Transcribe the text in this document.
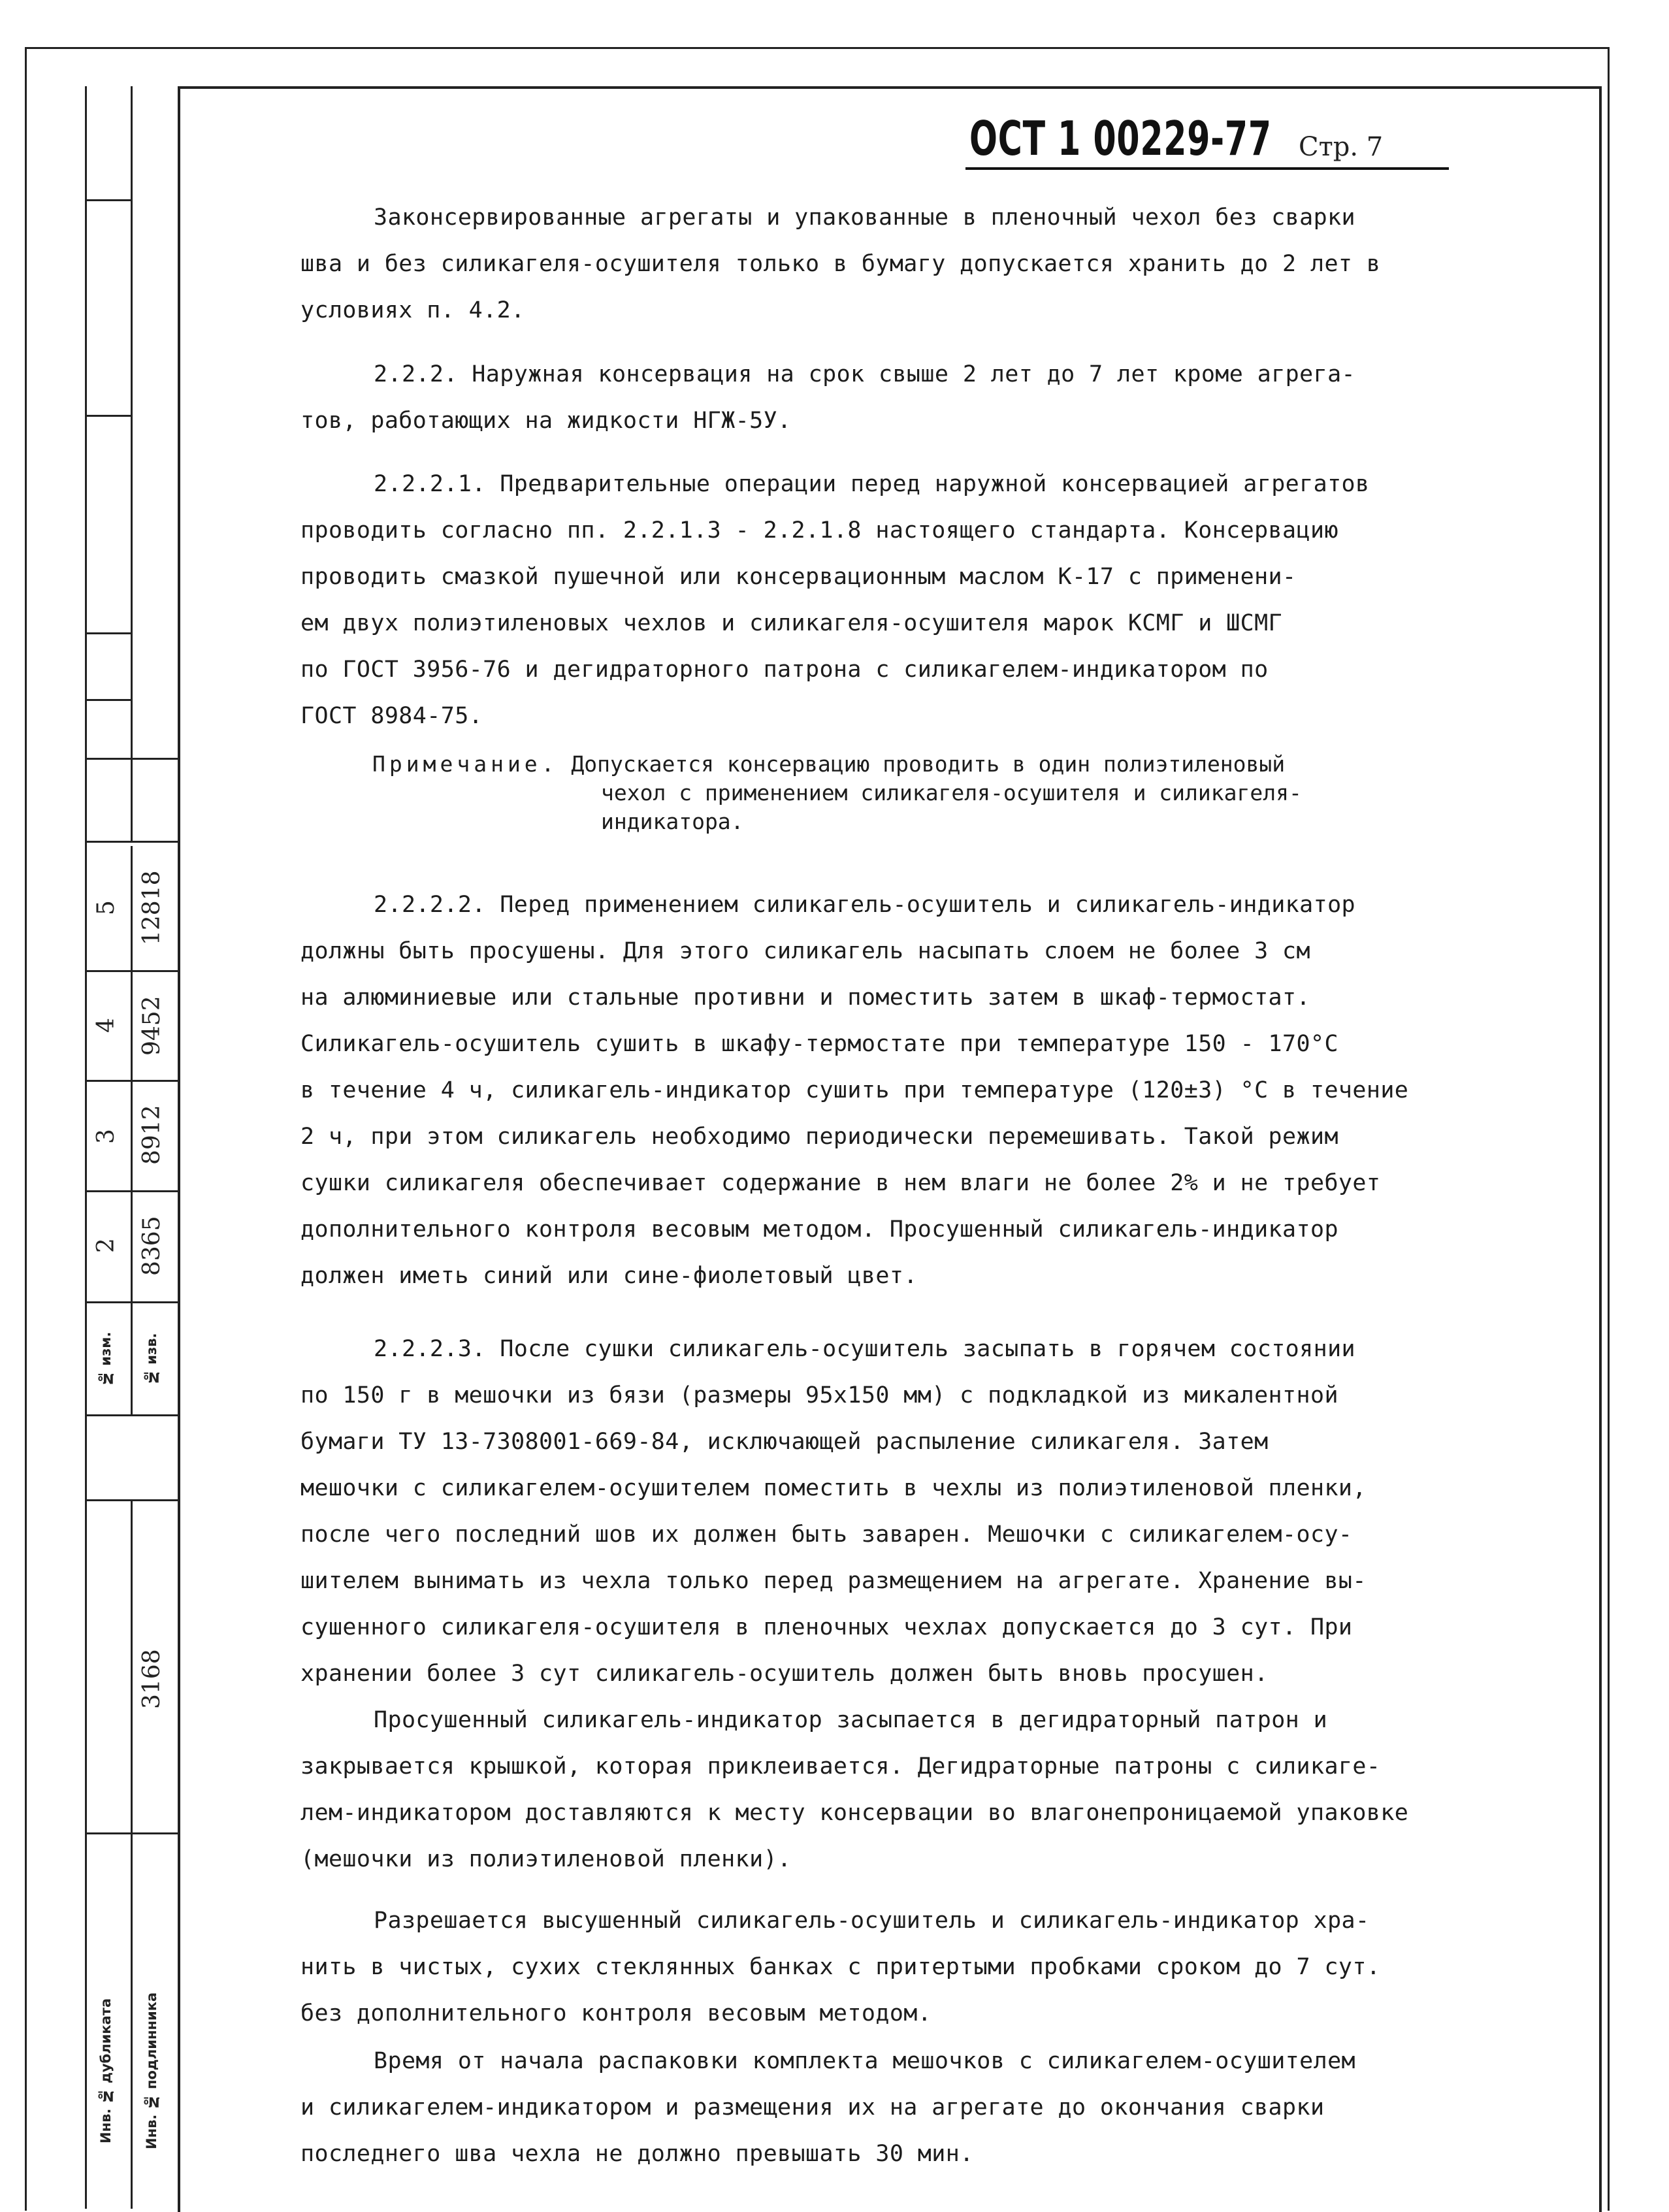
5 12818
4 9452
3 8912
2 8365
№ изм.	№ изв.
3168
Инв. № дубликата	Инв. № подлинника
ОСТ 1 00229-77 Стр. 7
Законсервированные агрегаты и упакованные в пленочный чехол без сварки
шва и без силикагеля-осушителя только в бумагу допускается хранить до 2 лет в
условиях п. 4.2.
2.2.2. Наружная консервация на срок свыше 2 лет до 7 лет кроме агрега-
тов, работающих на жидкости НГЖ-5У.
2.2.2.1. Предварительные операции перед наружной консервацией агрегатов
проводить согласно пп. 2.2.1.3 - 2.2.1.8 настоящего стандарта. Консервацию
проводить смазкой пушечной или консервационным маслом К-17 с применени-
ем двух полиэтиленовых чехлов и силикагеля-осушителя марок КСМГ и ШСМГ
по ГОСТ 3956-76 и дегидраторного патрона с силикагелем-индикатором по
ГОСТ 8984-75.
Примечание. Допускается консервацию проводить в один полиэтиленовый
чехол с применением силикагеля-осушителя и силикагеля-
индикатора.
2.2.2.2. Перед применением силикагель-осушитель и силикагель-индикатор
должны быть просушены. Для этого силикагель насыпать слоем не более 3 см
на алюминиевые или стальные противни и поместить затем в шкаф-термостат.
Силикагель-осушитель сушить в шкафу-термостате при температуре 150 - 170°С
в течение 4 ч, силикагель-индикатор сушить при температуре (120±3) °С в течение
2 ч, при этом силикагель необходимо периодически перемешивать. Такой режим
сушки силикагеля обеспечивает содержание в нем влаги не более 2% и не требует
дополнительного контроля весовым методом. Просушенный силикагель-индикатор
должен иметь синий или сине-фиолетовый цвет.
2.2.2.3. После сушки силикагель-осушитель засыпать в горячем состоянии
по 150 г в мешочки из бязи (размеры 95х150 мм) с подкладкой из микалентной
бумаги ТУ 13-7308001-669-84, исключающей распыление силикагеля. Затем
мешочки с силикагелем-осушителем поместить в чехлы из полиэтиленовой пленки,
после чего последний шов их должен быть заварен. Мешочки с силикагелем-осу-
шителем вынимать из чехла только перед размещением на агрегате. Хранение вы-
сушенного силикагеля-осушителя в пленочных чехлах допускается до 3 сут. При
хранении более 3 сут силикагель-осушитель должен быть вновь просушен.
Просушенный силикагель-индикатор засыпается в дегидраторный патрон и
закрывается крышкой, которая приклеивается. Дегидраторные патроны с силикаге-
лем-индикатором доставляются к месту консервации во влагонепроницаемой упаковке
(мешочки из полиэтиленовой пленки).
Разрешается высушенный силикагель-осушитель и силикагель-индикатор хра-
нить в чистых, сухих стеклянных банках с притертыми пробками сроком до 7 сут.
без дополнительного контроля весовым методом.
Время от начала распаковки комплекта мешочков с силикагелем-осушителем
и силикагелем-индикатором и размещения их на агрегате до окончания сварки
последнего шва чехла не должно превышать 30 мин.
